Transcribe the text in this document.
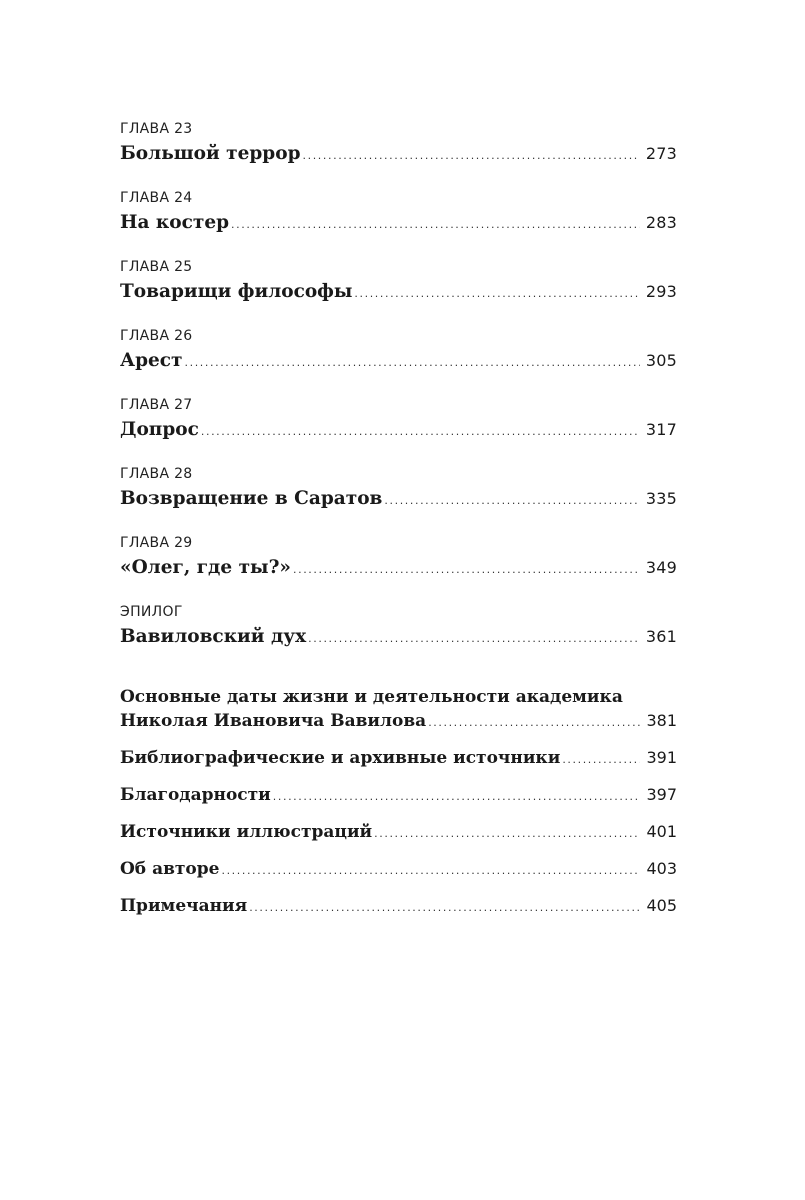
ГЛАВА 23
Большой террор .....	273
ГЛАВА 24
На костер .....	283
ГЛАВА 25
Товарищи философы .....	293
ГЛАВА 26
Арест .....	305
ГЛАВА 27
Допрос .....	317
ГЛАВА 28
Возвращение в Саратов .....	335
ГЛАВА 29
«Олег, где ты?» .....	349
ЭПИЛОГ
Вавиловский дух .....	361
Основные даты жизни и деятельности академика
Николая Ивановича Вавилова .....	381
Библиографические и архивные источники .....	391
Благодарности .....	397
Источники иллюстраций .....	401
Об авторе .....	403
Примечания .....	405
